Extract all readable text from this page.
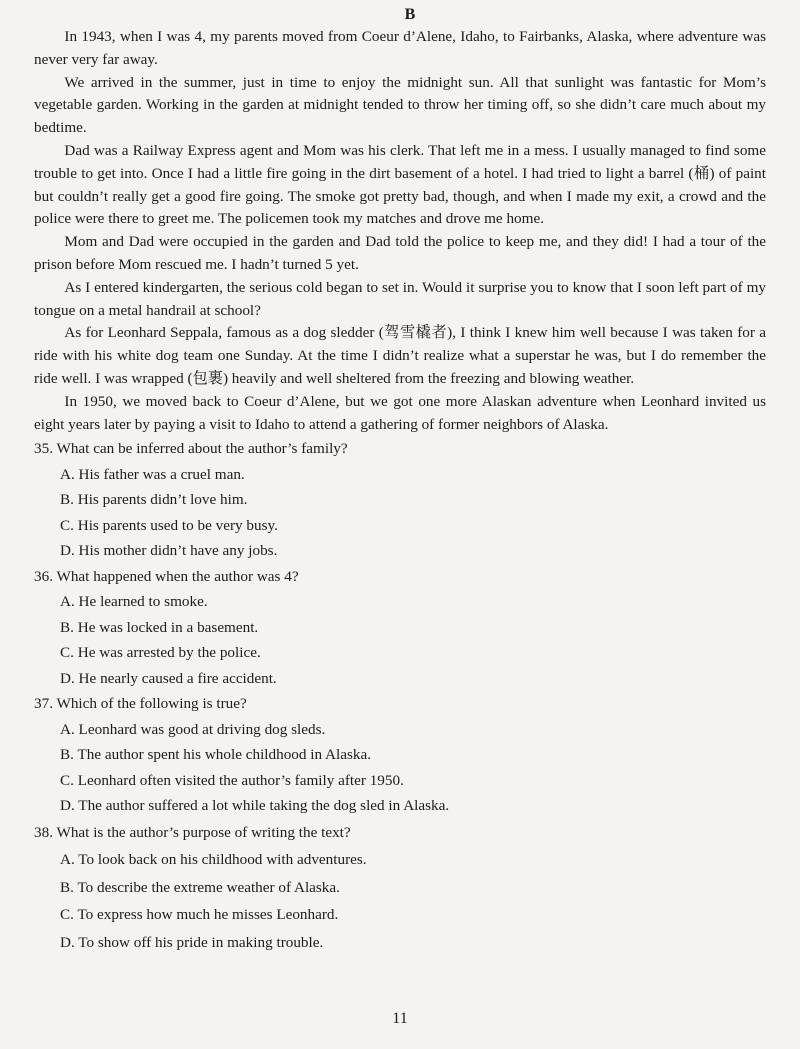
B

In 1943, when I was 4, my parents moved from Coeur d’Alene, Idaho, to Fairbanks, Alaska, where adventure was never very far away.

We arrived in the summer, just in time to enjoy the midnight sun. All that sunlight was fantastic for Mom’s vegetable garden. Working in the garden at midnight tended to throw her timing off, so she didn’t care much about my bedtime.

Dad was a Railway Express agent and Mom was his clerk. That left me in a mess. I usually managed to find some trouble to get into. Once I had a little fire going in the dirt basement of a hotel. I had tried to light a barrel (桶) of paint but couldn’t really get a good fire going. The smoke got pretty bad, though, and when I made my exit, a crowd and the police were there to greet me. The policemen took my matches and drove me home.

Mom and Dad were occupied in the garden and Dad told the police to keep me, and they did! I had a tour of the prison before Mom rescued me. I hadn’t turned 5 yet.

As I entered kindergarten, the serious cold began to set in. Would it surprise you to know that I soon left part of my tongue on a metal handrail at school?

As for Leonhard Seppala, famous as a dog sledder (驾雪橇者), I think I knew him well because I was taken for a ride with his white dog team one Sunday. At the time I didn’t realize what a superstar he was, but I do remember the ride well. I was wrapped (包裹) heavily and well sheltered from the freezing and blowing weather.

In 1950, we moved back to Coeur d’Alene, but we got one more Alaskan adventure when Leonhard invited us eight years later by paying a visit to Idaho to attend a gathering of former neighbors of Alaska.

35. What can be inferred about the author’s family?
A. His father was a cruel man.
B. His parents didn’t love him.
C. His parents used to be very busy.
D. His mother didn’t have any jobs.
36. What happened when the author was 4?
A. He learned to smoke.
B. He was locked in a basement.
C. He was arrested by the police.
D. He nearly caused a fire accident.
37. Which of the following is true?
A. Leonhard was good at driving dog sleds.
B. The author spent his whole childhood in Alaska.
C. Leonhard often visited the author’s family after 1950.
D. The author suffered a lot while taking the dog sled in Alaska.
38. What is the author’s purpose of writing the text?
A. To look back on his childhood with adventures.
B. To describe the extreme weather of Alaska.
C. To express how much he misses Leonhard.
D. To show off his pride in making trouble.
11
